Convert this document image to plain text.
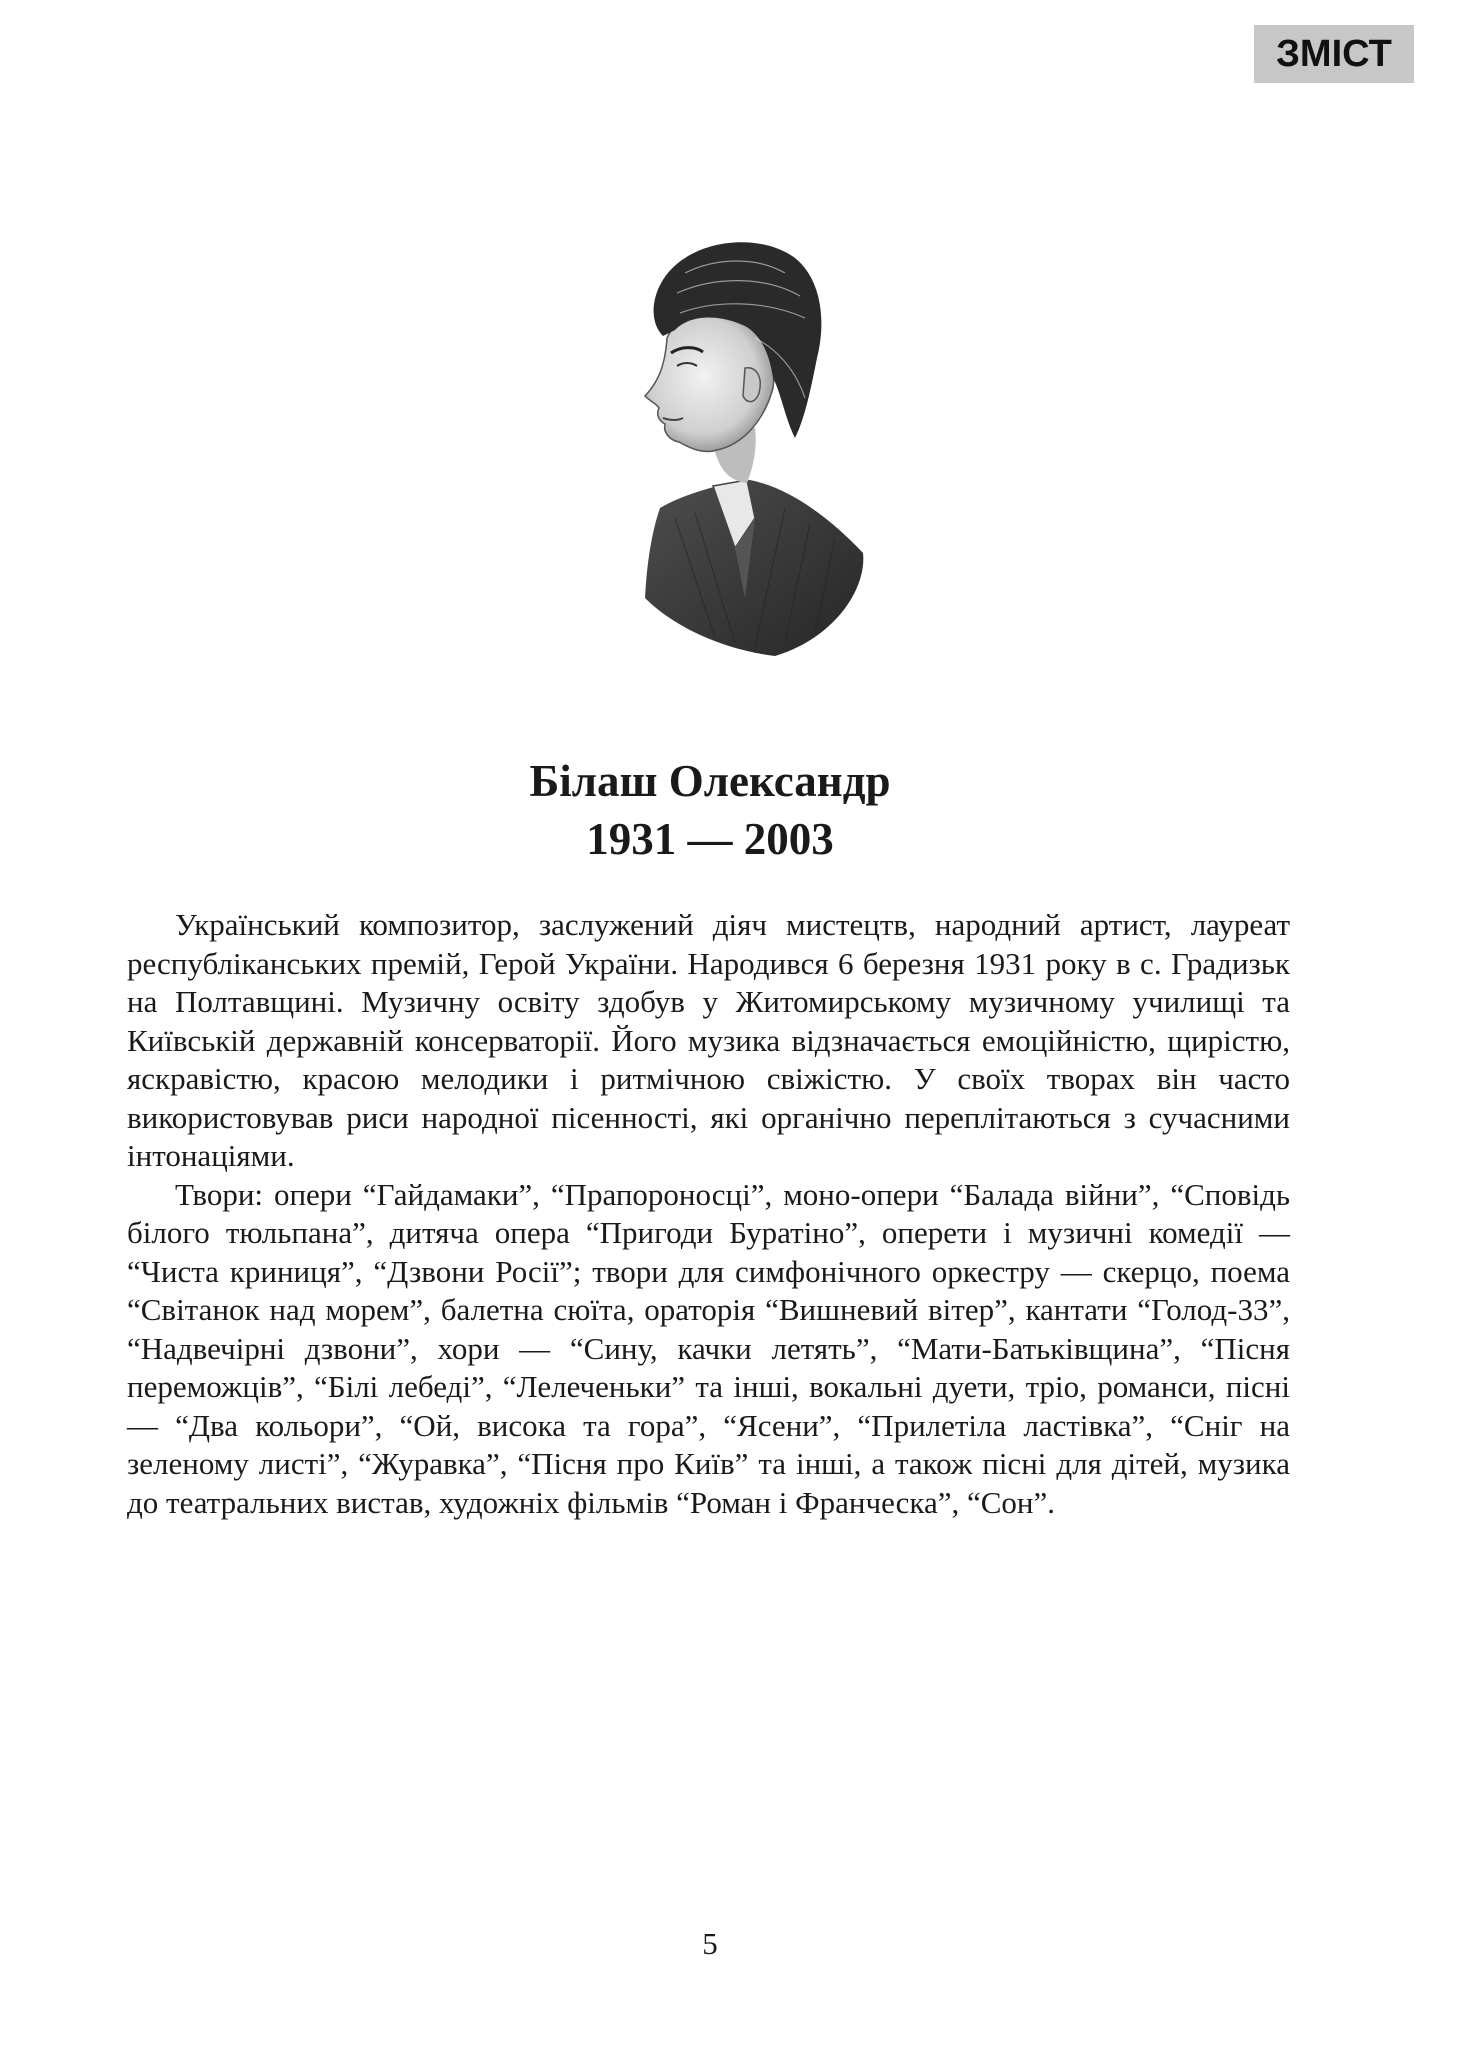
ЗМІСТ
Білаш Олександр
1931 — 2003

Український композитор, заслужений діяч мистецтв, народний артист, лауреат республіканських премій, Герой України. Народився 6 березня 1931 року в с. Градизьк на Полтавщині. Музичну освіту здобув у Житомирському музичному училищі та Київській державній консерваторії. Його музика відзначається емоційністю, щирістю, яскравістю, красою мелодики і ритмічною свіжістю. У своїх творах він часто використовував риси народної пісенності, які органічно переплітаються з сучасними інтонаціями.

Твори: опери “Гайдамаки”, “Прапороносці”, моно-опери “Балада війни”, “Сповідь білого тюльпана”, дитяча опера “Пригоди Буратіно”, оперети і музичні комедії — “Чиста криниця”, “Дзвони Росії”; твори для симфонічного оркестру — скерцо, поема “Світанок над морем”, балетна сюїта, ораторія “Вишневий вітер”, кантати “Голод-33”, “Надвечірні дзвони”, хори — “Сину, качки летять”, “Мати-Батьківщина”, “Пісня переможців”, “Білі лебеді”, “Лелеченьки” та інші, вокальні дуети, тріо, романси, пісні — “Два кольори”, “Ой, висока та гора”, “Ясени”, “Прилетіла ластівка”, “Сніг на зеленому листі”, “Журавка”, “Пісня про Київ” та інші, а також пісні для дітей, музика до театральних вистав, художніх фільмів “Роман і Франческа”, “Сон”.

5
